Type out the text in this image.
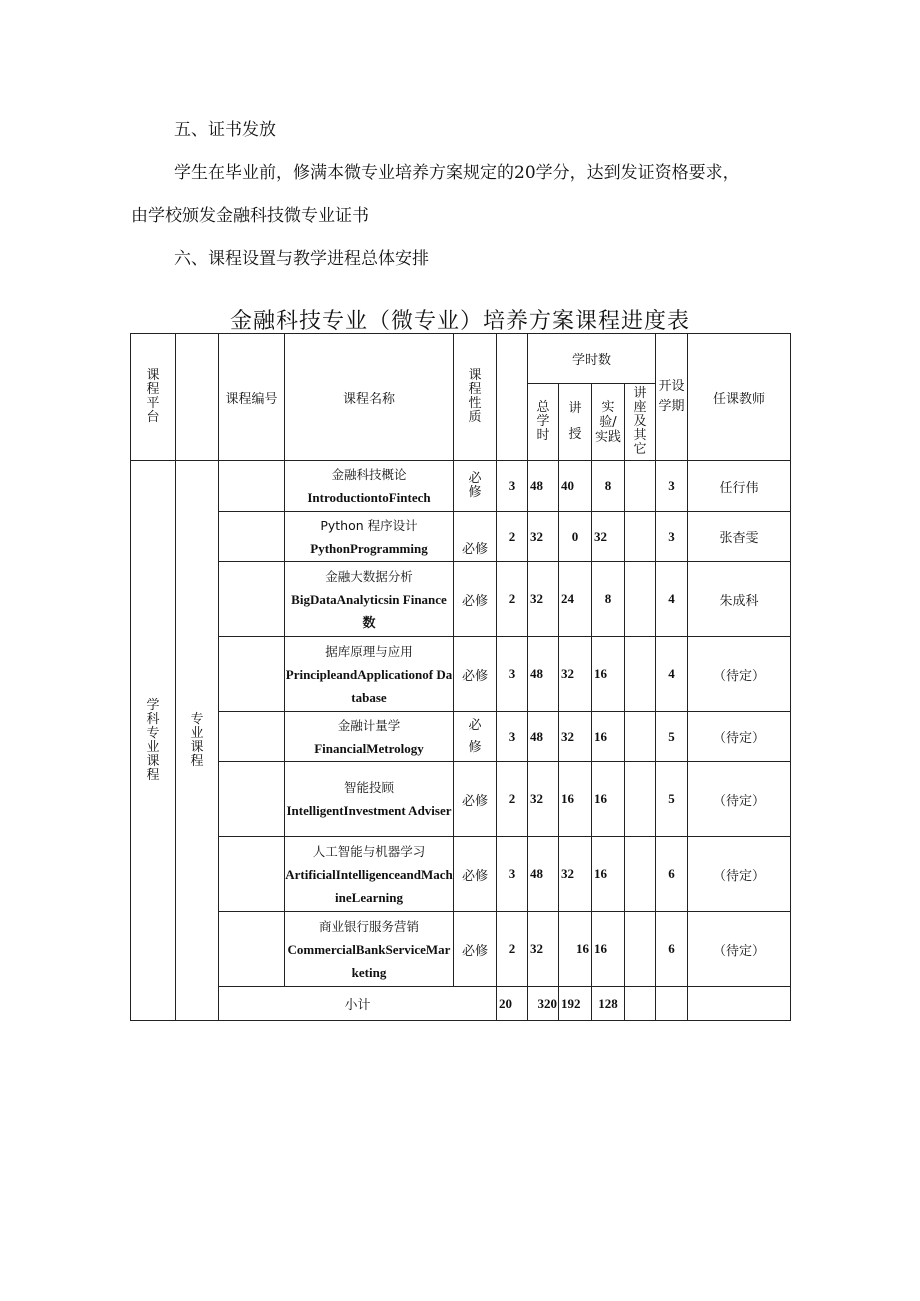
五、证书发放
学生在毕业前，修满本微专业培养方案规定的20学分，达到发证资格要求，
由学校颁发金融科技微专业证书
六、课程设置与教学进程总体安排
金融科技专业（微专业）培养方案课程进度表
课程平台		课程编号	课程名称	课程性质		学时数				开设学期	任课教师
						总学时	讲授	实验/实践	讲座及其它		
学科专业课程	专业课程		金融科技概论
IntroductiontoFintech	必修	3	48	40	8		3	任行伟

			Python 程序设计
PythonProgramming	必修	2	32	0	32		3	张杳雯

			金融大数据分析
BigDataAnalyticsin Finance 数	必修	2	32	24	8		4	朱成科

			据库原理与应用
PrincipleandApplicationof Database	必修	3	48	32	16		4	（待定）

			金融计量学
FinancialMetrology	必修	3	48	32	16		5	（待定）

			智能投顾
IntelligentInvestment Adviser	必修	2	32	16	16		5	（待定）

			人工智能与机器学习
ArtificialIntelligenceandMachineLearning	必修	3	48	32	16		6	（待定）

			商业银行服务营销
CommercialBankServiceMarketing	必修	2	32	16	16		6	（待定）
		小计			20	320	192	128			
